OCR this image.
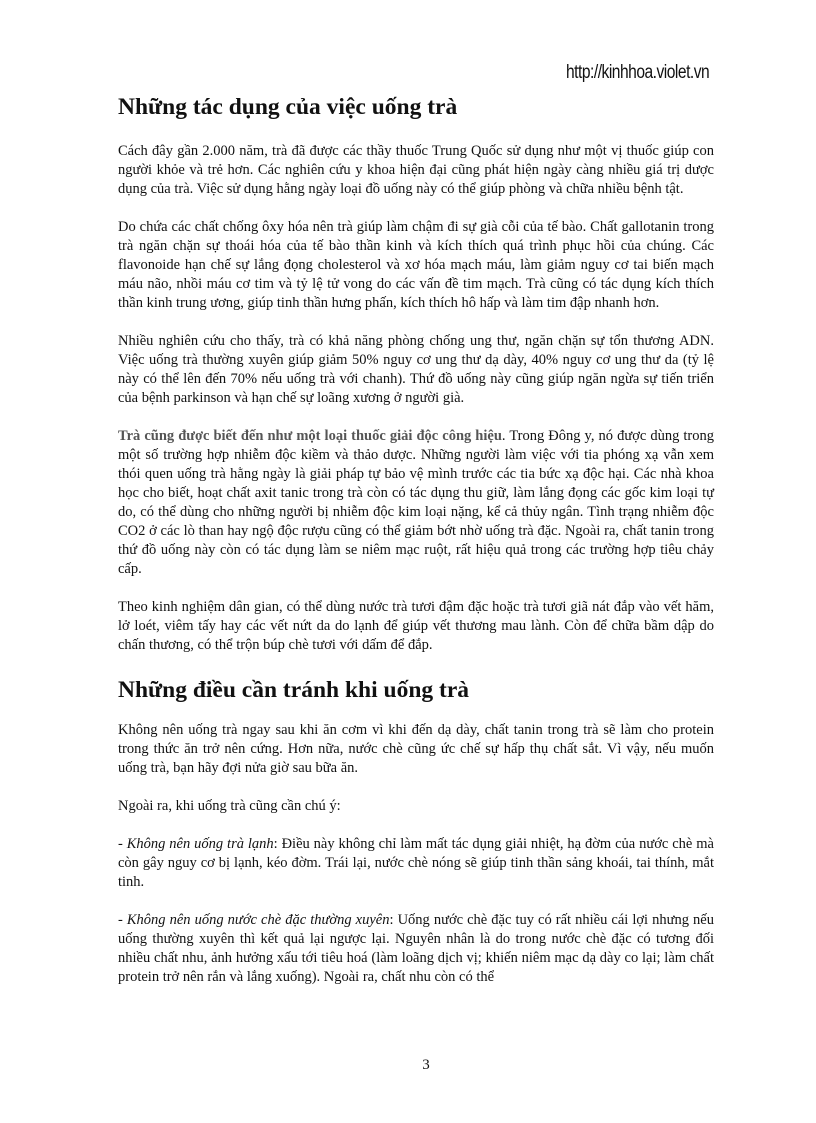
http://kinhhoa.violet.vn
Những tác dụng của việc uống trà

Cách đây gần 2.000 năm, trà đã được các thầy thuốc Trung Quốc sử dụng như một vị thuốc giúp con người khỏe và trẻ hơn. Các nghiên cứu y khoa hiện đại cũng phát hiện ngày càng nhiều giá trị dược dụng của trà. Việc sử dụng hằng ngày loại đồ uống này có thể giúp phòng và chữa nhiều bệnh tật.

Do chứa các chất chống ôxy hóa nên trà giúp làm chậm đi sự già cỗi của tế bào. Chất gallotanin trong trà ngăn chặn sự thoái hóa của tế bào thần kinh và kích thích quá trình phục hồi của chúng. Các flavonoide hạn chế sự lắng đọng cholesterol và xơ hóa mạch máu, làm giảm nguy cơ tai biến mạch máu não, nhồi máu cơ tim và tỷ lệ tử vong do các vấn đề tim mạch. Trà cũng có tác dụng kích thích thần kinh trung ương, giúp tinh thần hưng phấn, kích thích hô hấp và làm tim đập nhanh hơn.

Nhiều nghiên cứu cho thấy, trà có khả năng phòng chống ung thư, ngăn chặn sự tổn thương ADN. Việc uống trà thường xuyên giúp giảm 50% nguy cơ ung thư dạ dày, 40% nguy cơ ung thư da (tỷ lệ này có thể lên đến 70% nếu uống trà với chanh). Thứ đồ uống này cũng giúp ngăn ngừa sự tiến triển của bệnh parkinson và hạn chế sự loãng xương ở người già.

Trà cũng được biết đến như một loại thuốc giải độc công hiệu. Trong Đông y, nó được dùng trong một số trường hợp nhiễm độc kiềm và thảo dược. Những người làm việc với tia phóng xạ vẫn xem thói quen uống trà hằng ngày là giải pháp tự bảo vệ mình trước các tia bức xạ độc hại. Các nhà khoa học cho biết, hoạt chất axit tanic trong trà còn có tác dụng thu giữ, làm lắng đọng các gốc kim loại tự do, có thể dùng cho những người bị nhiễm độc kim loại nặng, kể cả thủy ngân. Tình trạng nhiễm độc CO2 ở các lò than hay ngộ độc rượu cũng có thể giảm bớt nhờ uống trà đặc. Ngoài ra, chất tanin trong thứ đồ uống này còn có tác dụng làm se niêm mạc ruột, rất hiệu quả trong các trường hợp tiêu chảy cấp.

Theo kinh nghiệm dân gian, có thể dùng nước trà tươi đậm đặc hoặc trà tươi giã nát đắp vào vết hăm, lở loét, viêm tấy hay các vết nứt da do lạnh để giúp vết thương mau lành. Còn để chữa bầm dập do chấn thương, có thể trộn búp chè tươi với dấm để đắp.

Những điều cần tránh khi uống trà

Không nên uống trà ngay sau khi ăn cơm vì khi đến dạ dày, chất tanin trong trà sẽ làm cho protein trong thức ăn trở nên cứng. Hơn nữa, nước chè cũng ức chế sự hấp thụ chất sắt. Vì vậy, nếu muốn uống trà, bạn hãy đợi nửa giờ sau bữa ăn.

Ngoài ra, khi uống trà cũng cần chú ý:

- Không nên uống trà lạnh: Điều này không chỉ làm mất tác dụng giải nhiệt, hạ đờm của nước chè mà còn gây nguy cơ bị lạnh, kéo đờm. Trái lại, nước chè nóng sẽ giúp tinh thần sảng khoái, tai thính, mắt tinh.

- Không nên uống nước chè đặc thường xuyên: Uống nước chè đặc tuy có rất nhiều cái lợi nhưng nếu uống thường xuyên thì kết quả lại ngược lại. Nguyên nhân là do trong nước chè đặc có tương đối nhiều chất nhu, ảnh hưởng xấu tới tiêu hoá (làm loãng dịch vị; khiến niêm mạc dạ dày co lại; làm chất protein trở nên rắn và lắng xuống). Ngoài ra, chất nhu còn có thể

3
